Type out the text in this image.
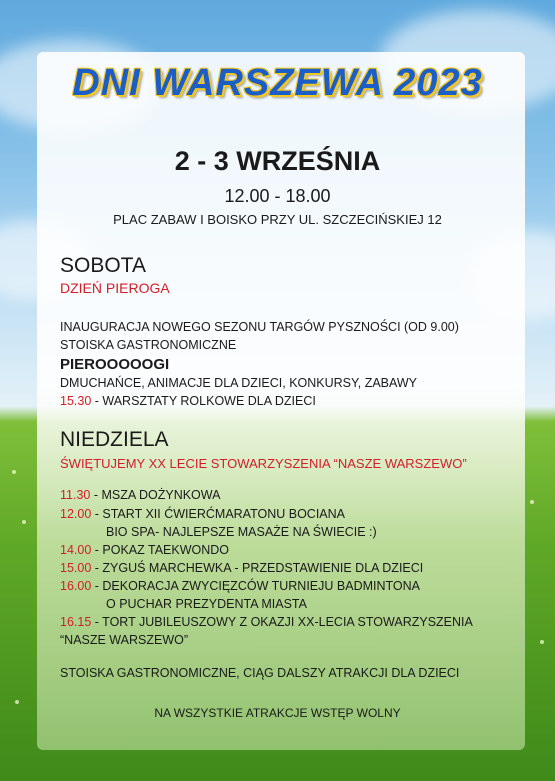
DNI WARSZEWA 2023
2 - 3 WRZEŚNIA
12.00 - 18.00
PLAC ZABAW I BOISKO PRZY UL. SZCZECIŃSKIEJ 12
SOBOTA
DZIEŃ PIEROGA
INAUGURACJA NOWEGO SEZONU TARGÓW PYSZNOŚCI (OD 9.00)
STOISKA GASTRONOMICZNE
PIEROOOOOGI
DMUCHAŃCE, ANIMACJE DLA DZIECI, KONKURSY, ZABAWY
15.30 - WARSZTATY ROLKOWE DLA DZIECI
NIEDZIELA
ŚWIĘTUJEMY XX LECIE STOWARZYSZENIA “NASZE WARSZEWO”
11.30 - MSZA DOŻYNKOWA
12.00 - START XII ĆWIERĆMARATONU BOCIANA
BIO SPA- NAJLEPSZE MASAŻE NA ŚWIECIE :)
14.00 - POKAZ TAEKWONDO
15.00 - ZYGUŚ MARCHEWKA - PRZEDSTAWIENIE DLA DZIECI
16.00 - DEKORACJA ZWYCIĘZCÓW TURNIEJU BADMINTONA
O PUCHAR PREZYDENTA MIASTA
16.15 - TORT JUBILEUSZOWY Z OKAZJI XX-LECIA STOWARZYSZENIA
“NASZE WARSZEWO”
STOISKA GASTRONOMICZNE, CIĄG DALSZY ATRAKCJI DLA DZIECI
NA WSZYSTKIE ATRAKCJE WSTĘP WOLNY
